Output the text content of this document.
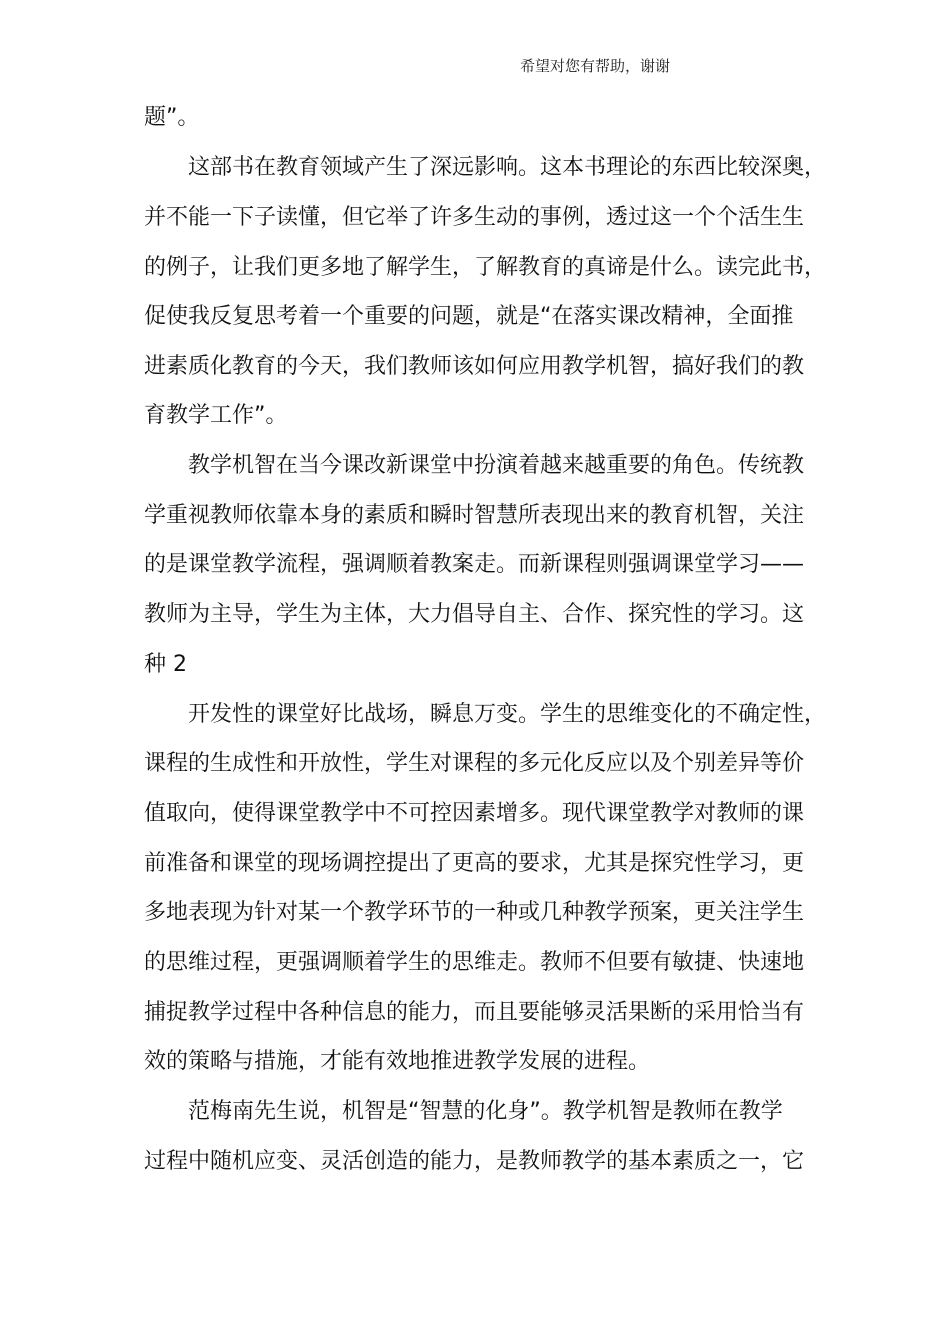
希望对您有帮助，谢谢
题”。
这部书在教育领域产生了深远影响。这本书理论的东西比较深奥，
并不能一下子读懂，但它举了许多生动的事例，透过这一个个活生生
的例子，让我们更多地了解学生，了解教育的真谛是什么。读完此书，
促使我反复思考着一个重要的问题，就是“在落实课改精神，全面推
进素质化教育的今天，我们教师该如何应用教学机智，搞好我们的教
育教学工作”。
教学机智在当今课改新课堂中扮演着越来越重要的角色。传统教
学重视教师依靠本身的素质和瞬时智慧所表现出来的教育机智，关注
的是课堂教学流程，强调顺着教案走。而新课程则强调课堂学习——
教师为主导，学生为主体，大力倡导自主、合作、探究性的学习。这
种 2
开发性的课堂好比战场，瞬息万变。学生的思维变化的不确定性，
课程的生成性和开放性，学生对课程的多元化反应以及个别差异等价
值取向，使得课堂教学中不可控因素增多。现代课堂教学对教师的课
前准备和课堂的现场调控提出了更高的要求，尤其是探究性学习，更
多地表现为针对某一个教学环节的一种或几种教学预案，更关注学生
的思维过程，更强调顺着学生的思维走。教师不但要有敏捷、快速地
捕捉教学过程中各种信息的能力，而且要能够灵活果断的采用恰当有
效的策略与措施，才能有效地推进教学发展的进程。
范梅南先生说，机智是“智慧的化身”。教学机智是教师在教学
过程中随机应变、灵活创造的能力，是教师教学的基本素质之一，它
